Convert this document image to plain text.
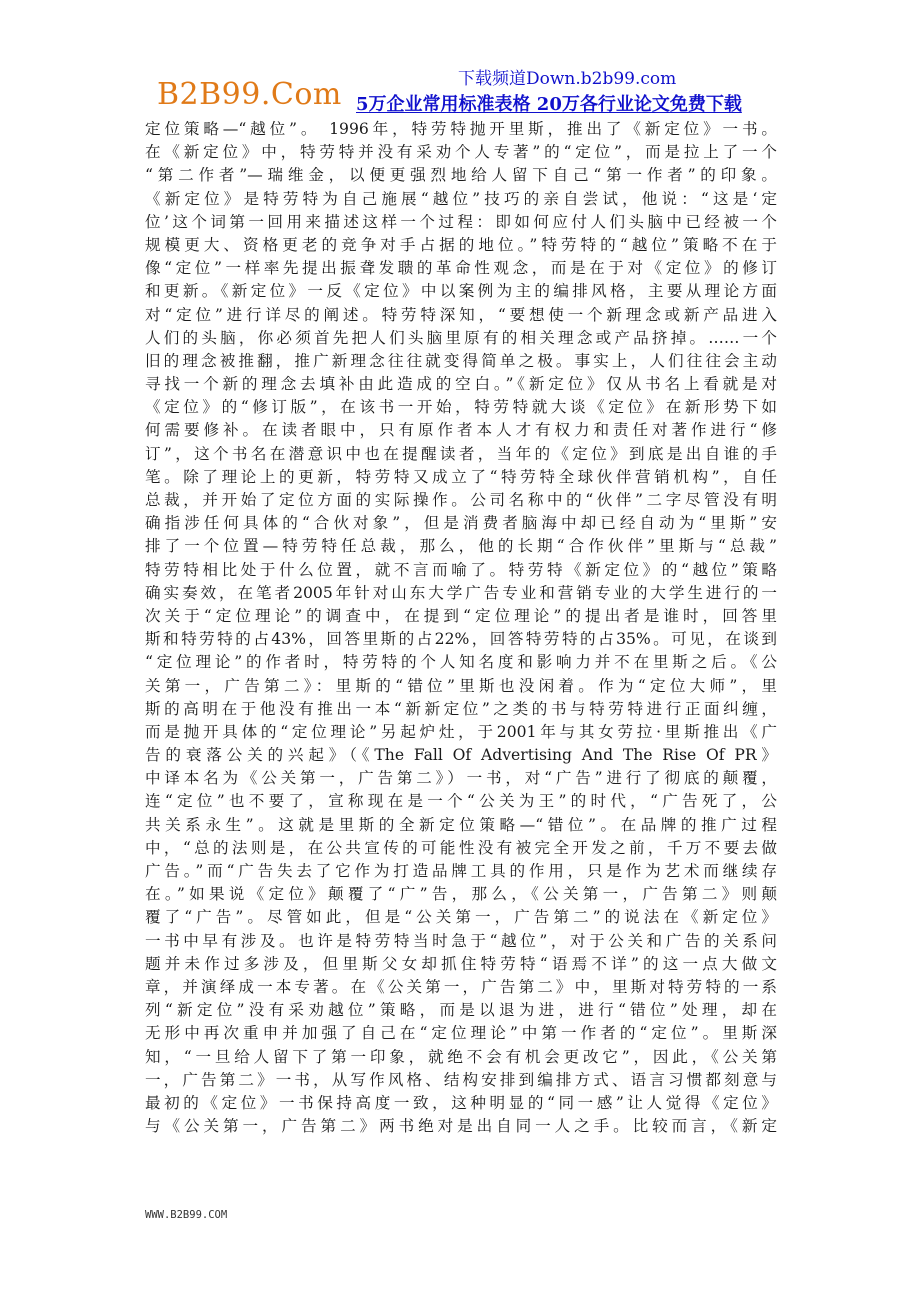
B2B99.Com	下载频道Down.b2b99.com
5万企业常用标准表格 20万各行业论文免费下载
定位策略—“越位”。 1996年，特劳特抛开里斯，推出了《新定位》一书。
在《新定位》中，特劳特并没有采劝个人专著”的“定位”，而是拉上了一个
“第二作者”—瑞维金，以便更强烈地给人留下自己“第一作者”的印象。
《新定位》是特劳特为自己施展“越位”技巧的亲自尝试，他说：“这是‘定
位’这个词第一回用来描述这样一个过程：即如何应付人们头脑中已经被一个
规模更大、资格更老的竞争对手占据的地位。”特劳特的“越位”策略不在于
像“定位”一样率先提出振聋发聩的革命性观念，而是在于对《定位》的修订
和更新。《新定位》一反《定位》中以案例为主的编排风格，主要从理论方面
对“定位”进行详尽的阐述。特劳特深知，“要想使一个新理念或新产品进入
人们的头脑，你必须首先把人们头脑里原有的相关理念或产品挤掉。……一个
旧的理念被推翻，推广新理念往往就变得简单之极。事实上，人们往往会主动
寻找一个新的理念去填补由此造成的空白。”《新定位》仅从书名上看就是对
《定位》的“修订版”，在该书一开始，特劳特就大谈《定位》在新形势下如
何需要修补。在读者眼中，只有原作者本人才有权力和责任对著作进行“修
订”，这个书名在潜意识中也在提醒读者，当年的《定位》到底是出自谁的手
笔。除了理论上的更新，特劳特又成立了“特劳特全球伙伴营销机构”，自任
总裁，并开始了定位方面的实际操作。公司名称中的“伙伴”二字尽管没有明
确指涉任何具体的“合伙对象”，但是消费者脑海中却已经自动为“里斯”安
排了一个位置—特劳特任总裁，那么，他的长期“合作伙伴”里斯与“总裁”
特劳特相比处于什么位置，就不言而喻了。特劳特《新定位》的“越位”策略
确实奏效，在笔者2005年针对山东大学广告专业和营销专业的大学生进行的一
次关于“定位理论”的调查中，在提到“定位理论”的提出者是谁时，回答里
斯和特劳特的占43%，回答里斯的占22%，回答特劳特的占35%。可见，在谈到
“定位理论”的作者时，特劳特的个人知名度和影响力并不在里斯之后。《公
关第一，广告第二》：里斯的“错位”里斯也没闲着。作为“定位大师”，里
斯的高明在于他没有推出一本“新新定位”之类的书与特劳特进行正面纠缠，
而是抛开具体的“定位理论”另起炉灶，于2001年与其女劳拉·里斯推出《广
告的衰落公关的兴起》（《The Fall Of Advertising And The Rise Of PR》
中译本名为《公关第一，广告第二》）一书，对“广告”进行了彻底的颠覆，
连“定位”也不要了，宣称现在是一个“公关为王”的时代，“广告死了，公
共关系永生”。这就是里斯的全新定位策略—“错位”。在品牌的推广过程
中，“总的法则是，在公共宣传的可能性没有被完全开发之前，千万不要去做
广告。”而“广告失去了它作为打造品牌工具的作用，只是作为艺术而继续存
在。”如果说《定位》颠覆了“广”告，那么，《公关第一，广告第二》则颠
覆了“广告”。尽管如此，但是“公关第一，广告第二”的说法在《新定位》
一书中早有涉及。也许是特劳特当时急于“越位”，对于公关和广告的关系问
题并未作过多涉及，但里斯父女却抓住特劳特“语焉不详”的这一点大做文
章，并演绎成一本专著。在《公关第一，广告第二》中，里斯对特劳特的一系
列“新定位”没有采劝越位”策略，而是以退为进，进行“错位”处理，却在
无形中再次重申并加强了自己在“定位理论”中第一作者的“定位”。里斯深
知，“一旦给人留下了第一印象，就绝不会有机会更改它”，因此，《公关第
一，广告第二》一书，从写作风格、结构安排到编排方式、语言习惯都刻意与
最初的《定位》一书保持高度一致，这种明显的“同一感”让人觉得《定位》
与《公关第一，广告第二》两书绝对是出自同一人之手。比较而言，《新定
WWW.B2B99.COM
